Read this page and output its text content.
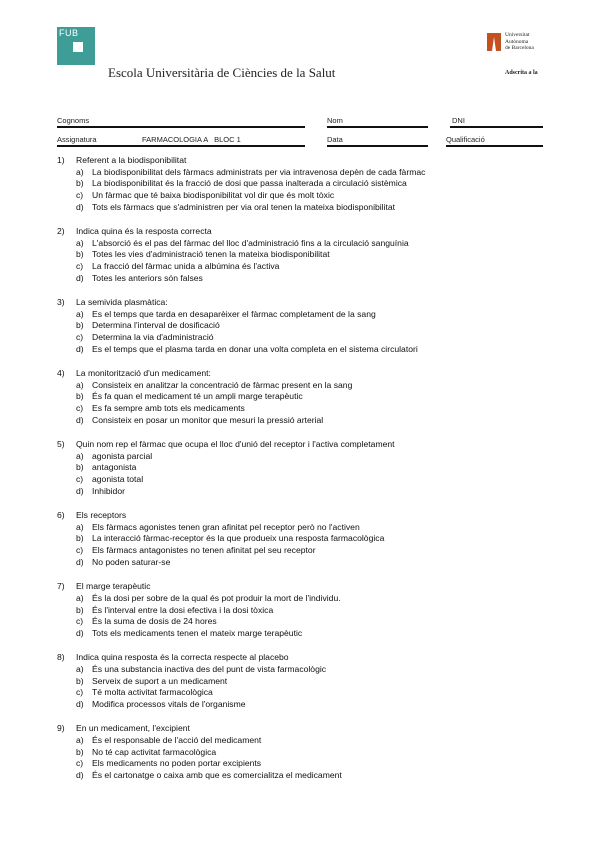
FUB
Escola Universitària de Ciències de la Salut
Universitat
Autònoma
de Barcelona
Adscrita a la
Cognoms	Nom	DNI
Assignatura	FARMACOLOGIA A   BLOC 1	Data	Qualificació
1)	Referent a la biodisponibilitat
a) La biodisponibilitat dels fàrmacs administrats per via intravenosa depèn de cada fàrmac
b) La biodisponibilitat és la fracció de dosi que passa inalterada a circulació sistèmica
c)	Un fàrmac que té baixa biodisponibilitat vol dir que és molt tòxic
d) Tots els fàrmacs que s'administren per via oral tenen la mateixa biodisponibilitat
2)	Indica quina és la resposta correcta
a) L'absorció és el pas del fàrmac del lloc d'administració fins a la circulació sanguínia
b) Totes les vies d'administració tenen la mateixa biodisponibilitat
c)	La fracció del fàrmac unida a albúmina és l'activa
d) Totes les anteriors són falses
3)	La semivida plasmàtica:
a) Es el temps que tarda en desaparèixer el fàrmac completament de la sang
b) Determina l'interval de dosificació
c)	Determina la via d'administració
d) Es el temps que el plasma tarda en donar una volta completa en el sistema circulatori
4)	La monitorització d'un medicament:
a) Consisteix en analitzar la concentració de fàrmac present en la sang
b) És fa quan el medicament té un ampli marge terapèutic
c)	Es fa sempre amb tots els medicaments
d) Consisteix en posar un monitor que mesuri la pressió arterial
5)	Quin nom rep el fàrmac que ocupa el lloc d'unió del receptor i l'activa completament
a) agonista parcial
b) antagonista
c)	agonista total
d) Inhibidor
6)	Els receptors
a) Els fàrmacs agonistes tenen gran afinitat pel receptor però no l'activen
b) La interacció fàrmac-receptor és la que produeix una resposta farmacològica
c)	Els fàrmacs antagonistes no tenen afinitat pel seu receptor
d) No poden saturar-se
7)	El marge terapèutic
a) És la dosi per sobre de la qual és pot produir la mort de l'individu.
b) És l'interval entre la dosi efectiva i la dosi tòxica
c)	És la suma de dosis de 24 hores
d) Tots els medicaments tenen el mateix marge terapèutic
8)	Indica quina resposta és la correcta respecte al placebo
a) És una substancia inactiva des del punt de vista farmacològic
b) Serveix de suport a un medicament
c)	Té molta activitat farmacològica
d) Modifica processos vitals de l'organisme
9)	En un medicament, l'excipient
a) És el responsable de l'acció del medicament
b) No té cap activitat farmacològica
c)	Els medicaments no poden portar excipients
d) És el cartonatge o caixa amb que es comercialitza el medicament
